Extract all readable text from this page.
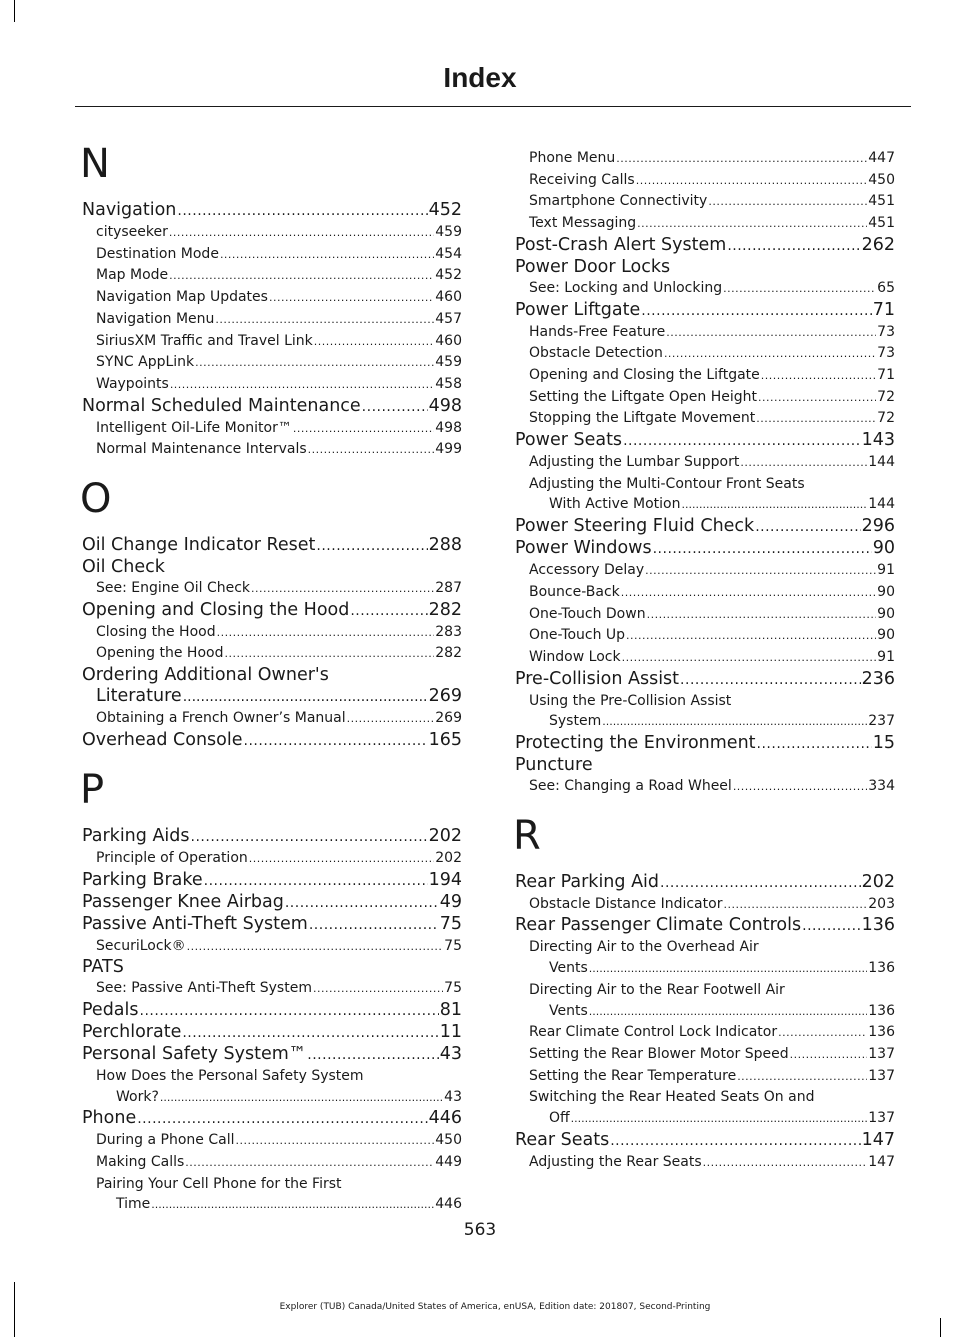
Index
N
Navigation .....	452
cityseeker .....	459
Destination Mode .....	454
Map Mode .....	452
Navigation Map Updates .....	460
Navigation Menu .....	457
SiriusXM Traffic and Travel Link .....	460
SYNC AppLink .....	459
Waypoints .....	458
Normal Scheduled Maintenance .....	498
Intelligent Oil-Life Monitor™ .....	498
Normal Maintenance Intervals .....	499
O
Oil Change Indicator Reset .....	288
Oil Check
See: Engine Oil Check .....	287
Opening and Closing the Hood .....	282
Closing the Hood .....	283
Opening the Hood .....	282
Ordering Additional Owner's
Literature .....	269
Obtaining a French Owner’s Manual .....	269
Overhead Console .....	165
P
Parking Aids .....	202
Principle of Operation .....	202
Parking Brake .....	194
Passenger Knee Airbag .....	49
Passive Anti-Theft System .....	75
SecuriLock® .....	75
PATS
See: Passive Anti-Theft System .....	75
Pedals .....	81
Perchlorate .....	11
Personal Safety System™ .....	43
How Does the Personal Safety System
Work? .....	43
Phone .....	446
During a Phone Call .....	450
Making Calls .....	449
Pairing Your Cell Phone for the First
Time .....	446
Phone Menu .....	447
Receiving Calls .....	450
Smartphone Connectivity .....	451
Text Messaging .....	451
Post-Crash Alert System .....	262
Power Door Locks
See: Locking and Unlocking .....	65
Power Liftgate .....	71
Hands-Free Feature .....	73
Obstacle Detection .....	73
Opening and Closing the Liftgate .....	71
Setting the Liftgate Open Height .....	72
Stopping the Liftgate Movement .....	72
Power Seats .....	143
Adjusting the Lumbar Support .....	144
Adjusting the Multi-Contour Front Seats
With Active Motion .....	144
Power Steering Fluid Check .....	296
Power Windows .....	90
Accessory Delay .....	91
Bounce-Back .....	90
One-Touch Down .....	90
One-Touch Up .....	90
Window Lock .....	91
Pre-Collision Assist .....	236
Using the Pre-Collision Assist
System .....	237
Protecting the Environment .....	15
Puncture
See: Changing a Road Wheel .....	334
R
Rear Parking Aid .....	202
Obstacle Distance Indicator .....	203
Rear Passenger Climate Controls .....	136
Directing Air to the Overhead Air
Vents .....	136
Directing Air to the Rear Footwell Air
Vents .....	136
Rear Climate Control Lock Indicator .....	136
Setting the Rear Blower Motor Speed .....	137
Setting the Rear Temperature .....	137
Switching the Rear Heated Seats On and
Off .....	137
Rear Seats .....	147
Adjusting the Rear Seats .....	147
563
Explorer (TUB) Canada/United States of America, enUSA, Edition date: 201807, Second-Printing
